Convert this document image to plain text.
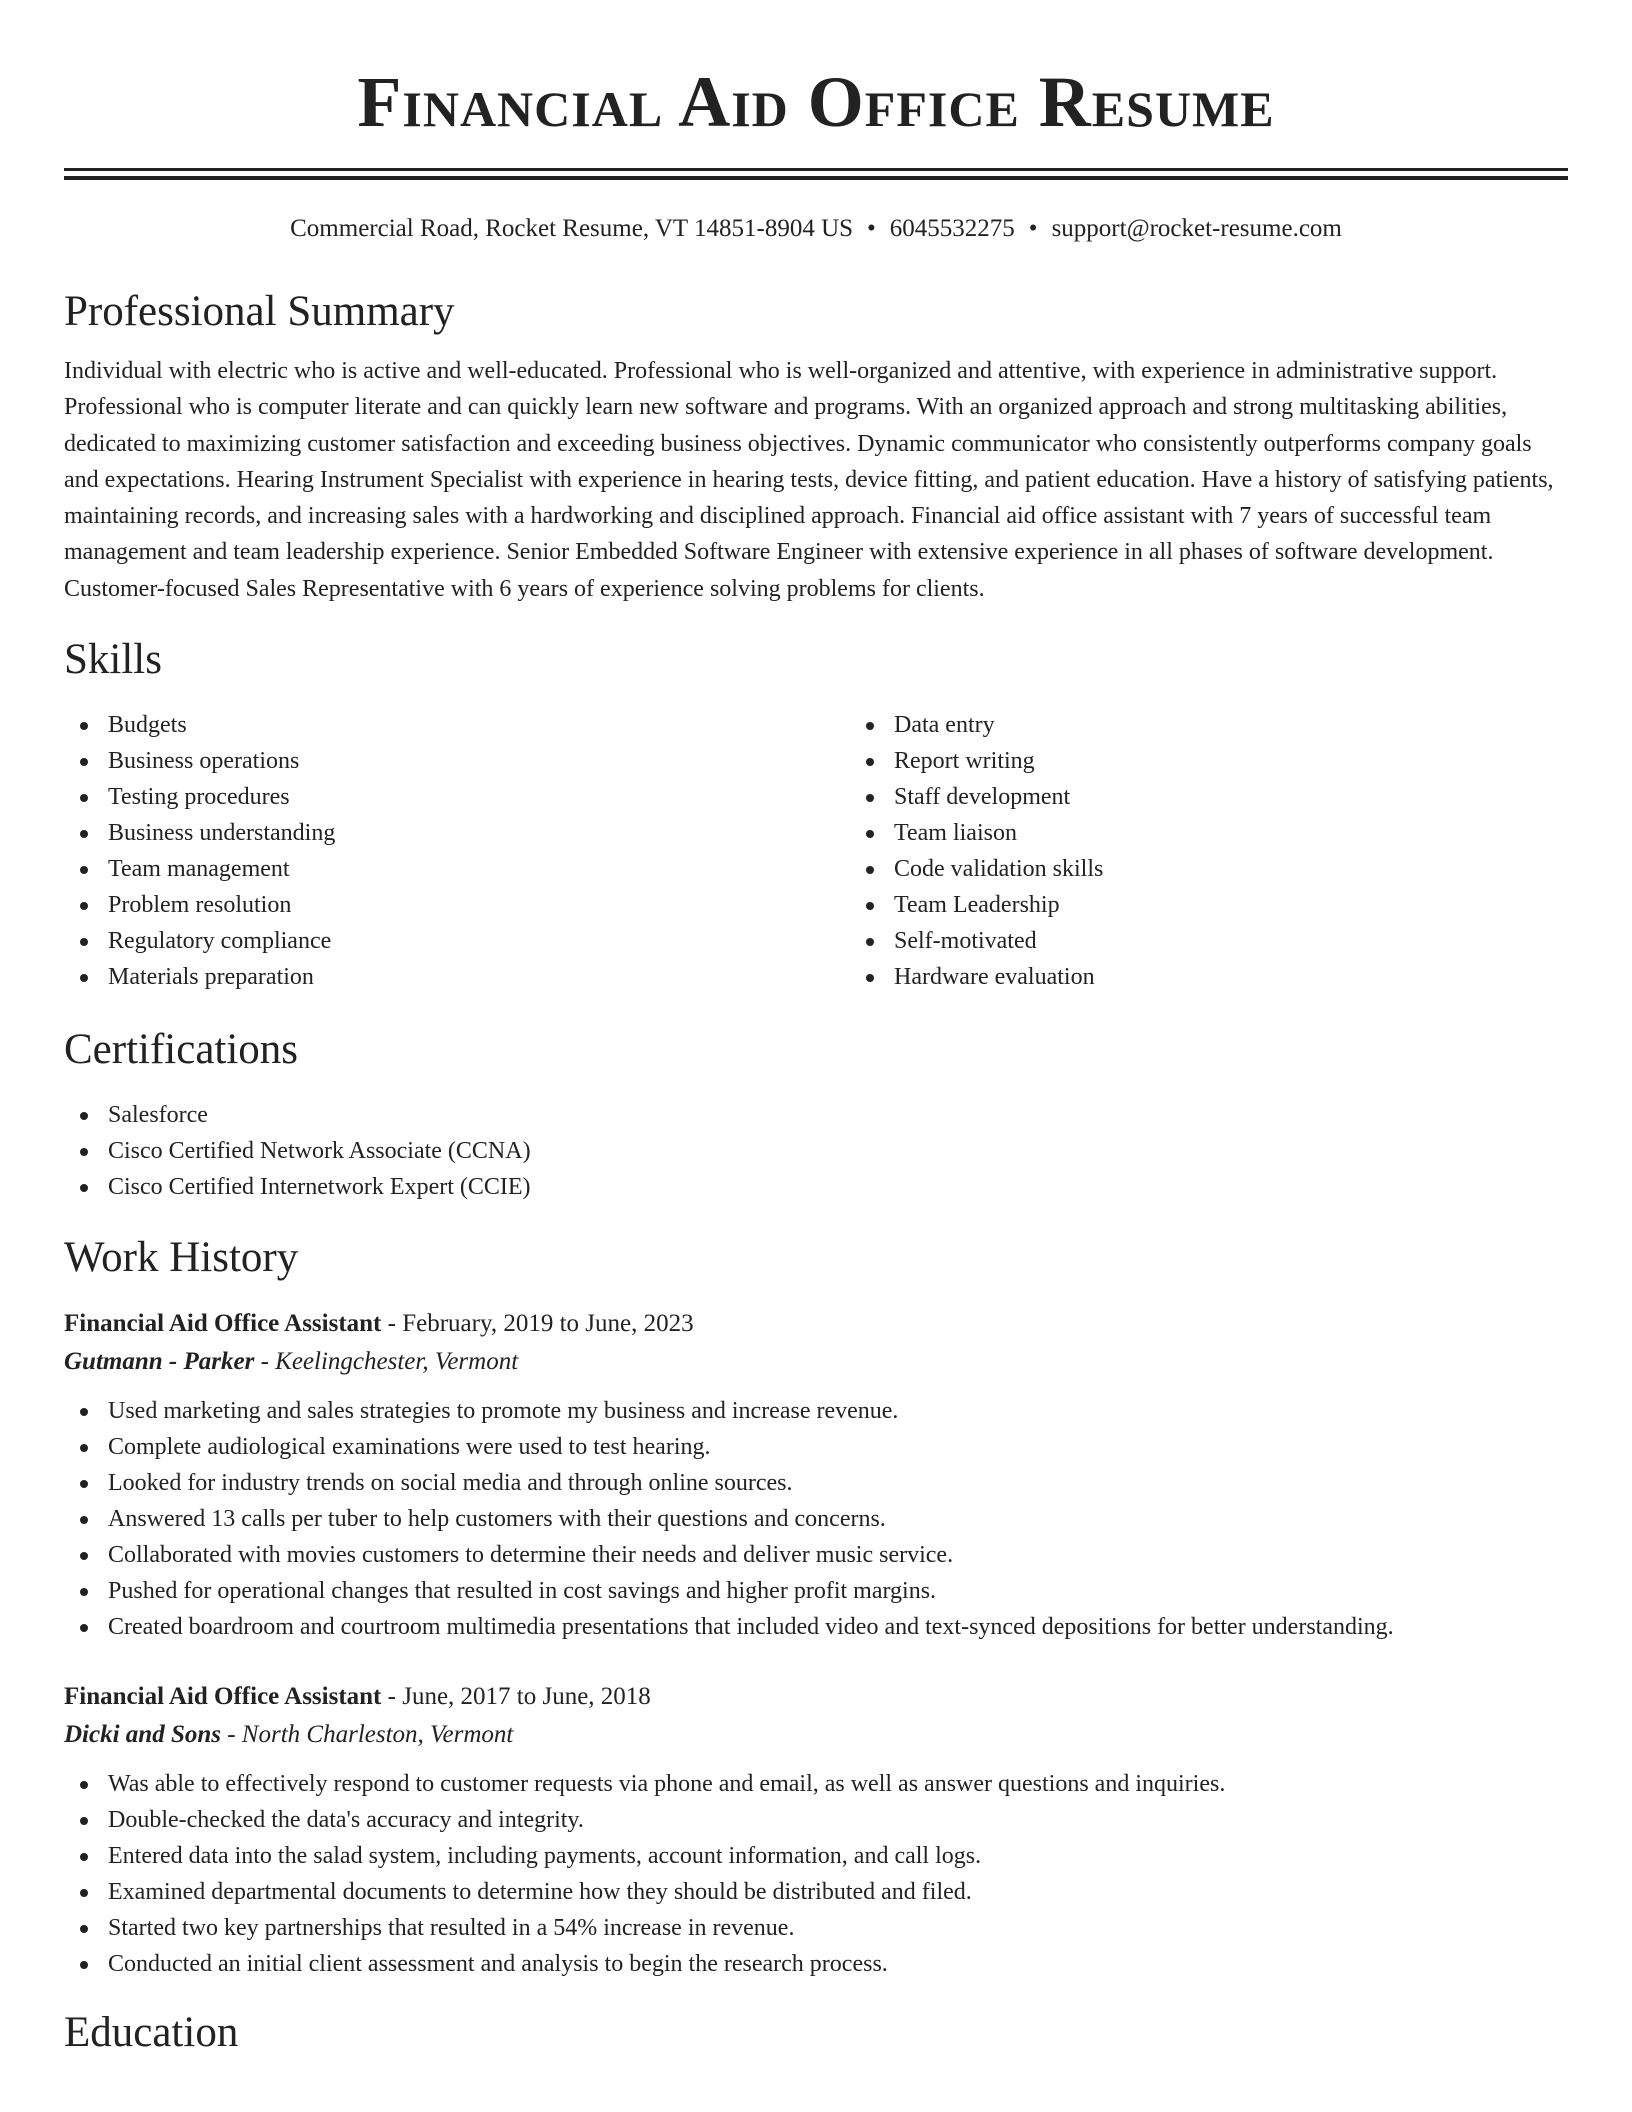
Financial Aid Office Resume
Commercial Road, Rocket Resume, VT 14851-8904 US • 6045532275 • support@rocket-resume.com
Professional Summary

Individual with electric who is active and well-educated. Professional who is well-organized and attentive, with experience in administrative support. Professional who is computer literate and can quickly learn new software and programs. With an organized approach and strong multitasking abilities, dedicated to maximizing customer satisfaction and exceeding business objectives. Dynamic communicator who consistently outperforms company goals and expectations. Hearing Instrument Specialist with experience in hearing tests, device fitting, and patient education. Have a history of satisfying patients, maintaining records, and increasing sales with a hardworking and disciplined approach. Financial aid office assistant with 7 years of successful team management and team leadership experience. Senior Embedded Software Engineer with extensive experience in all phases of software development. Customer-focused Sales Representative with 6 years of experience solving problems for clients.

Skills
Budgets
Business operations
Testing procedures
Business understanding
Team management
Problem resolution
Regulatory compliance
Materials preparation
Data entry
Report writing
Staff development
Team liaison
Code validation skills
Team Leadership
Self-motivated
Hardware evaluation
Certifications
Salesforce
Cisco Certified Network Associate (CCNA)
Cisco Certified Internetwork Expert (CCIE)
Work History
Financial Aid Office Assistant - February, 2019 to June, 2023
Gutmann - Parker - Keelingchester, Vermont
Used marketing and sales strategies to promote my business and increase revenue.
Complete audiological examinations were used to test hearing.
Looked for industry trends on social media and through online sources.
Answered 13 calls per tuber to help customers with their questions and concerns.
Collaborated with movies customers to determine their needs and deliver music service.
Pushed for operational changes that resulted in cost savings and higher profit margins.
Created boardroom and courtroom multimedia presentations that included video and text-synced depositions for better understanding.
Financial Aid Office Assistant - June, 2017 to June, 2018
Dicki and Sons - North Charleston, Vermont
Was able to effectively respond to customer requests via phone and email, as well as answer questions and inquiries.
Double-checked the data's accuracy and integrity.
Entered data into the salad system, including payments, account information, and call logs.
Examined departmental documents to determine how they should be distributed and filed.
Started two key partnerships that resulted in a 54% increase in revenue.
Conducted an initial client assessment and analysis to begin the research process.
Education
